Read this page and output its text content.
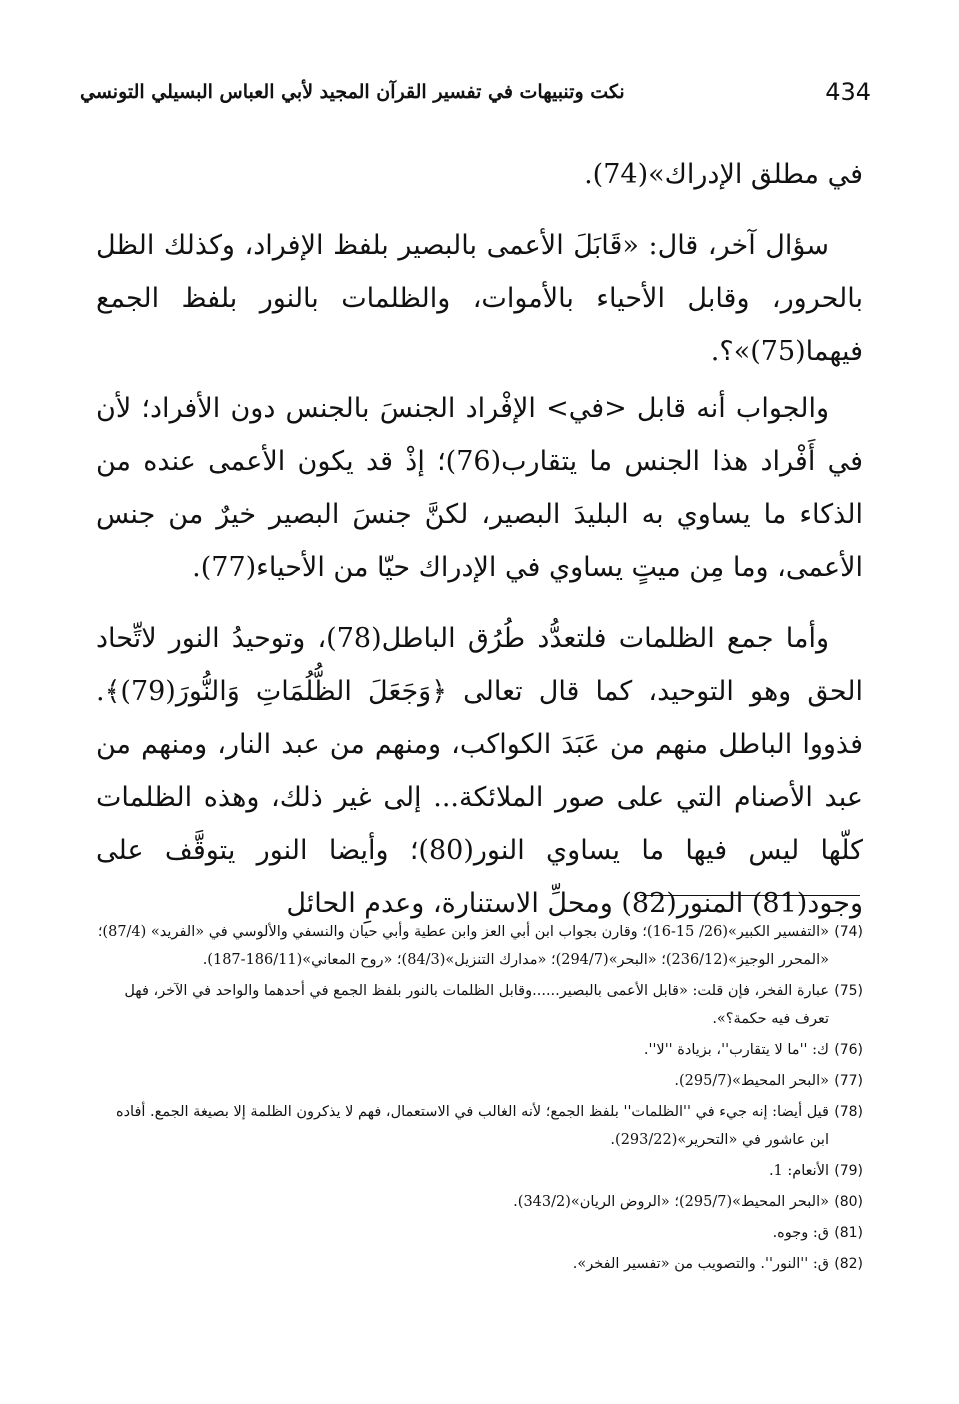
434
نكت وتنبيهات في تفسير القرآن المجيد لأبي العباس البسيلي التونسي

في مطلق الإدراك»(74).

سؤال آخر، قال: «قَابَلَ الأعمى بالبصير بلفظ الإفراد، وكذلك الظل بالحرور، وقابل الأحياء بالأموات، والظلمات بالنور بلفظ الجمع فيهما(75)»؟.

والجواب أنه قابل <في> الإفْراد الجنسَ بالجنس دون الأفراد؛ لأن في أَفْراد هذا الجنس ما يتقارب(76)؛ إذْ قد يكون الأعمى عنده من الذكاء ما يساوي به البليدَ البصير، لكنَّ جنسَ البصير خيرٌ من جنس الأعمى، وما مِن ميتٍ يساوي في الإدراك حيّا من الأحياء(77).

وأما جمع الظلمات فلتعدُّد طُرُق الباطل(78)، وتوحيدُ النور لاتِّحاد الحق وهو التوحيد، كما قال تعالى ﴿وَجَعَلَ الظُّلُمَاتِ وَالنُّورَ(79)﴾. فذووا الباطل منهم من عَبَدَ الكواكب، ومنهم من عبد النار، ومنهم من عبد الأصنام التي على صور الملائكة... إلى غير ذلك، وهذه الظلمات كلّها ليس فيها ما يساوي النور(80)؛ وأيضا النور يتوقَّف على وجود(81) المنور(82) ومحلِّ الاستنارة، وعدمِ الحائل

(74)«التفسير الكبير»(26/ 15-16)؛ وقارن بجواب ابن أبي العز وابن عطية وأبي حيان والنسفي والألوسي في «الفريد» (87/4)؛ «المحرر الوجيز»(236/12)؛ «البحر»(294/7)؛ «مدارك التنزيل»(84/3)؛ «روح المعاني»(186/11-187).

(75)عبارة الفخر، فإن قلت: «قابل الأعمى بالبصير......وقابل الظلمات بالنور بلفظ الجمع في أحدهما والواحد في الآخر، فهل تعرف فيه حكمة؟».

(76)ك: ''ما لا يتقارب''، بزيادة ''لا''.

(77)«البحر المحيط»(295/7).

(78)قيل أيضا: إنه جيء في ''الظلمات'' بلفظ الجمع؛ لأنه الغالب في الاستعمال، فهم لا يذكرون الظلمة إلا بصيغة الجمع. أفاده ابن عاشور في «التحرير»(293/22).

(79)الأنعام: 1.

(80)«البحر المحيط»(295/7)؛ «الروض الريان»(343/2).

(81)ق: وجوه.

(82)ق: ''النور''. والتصويب من «تفسير الفخر».
